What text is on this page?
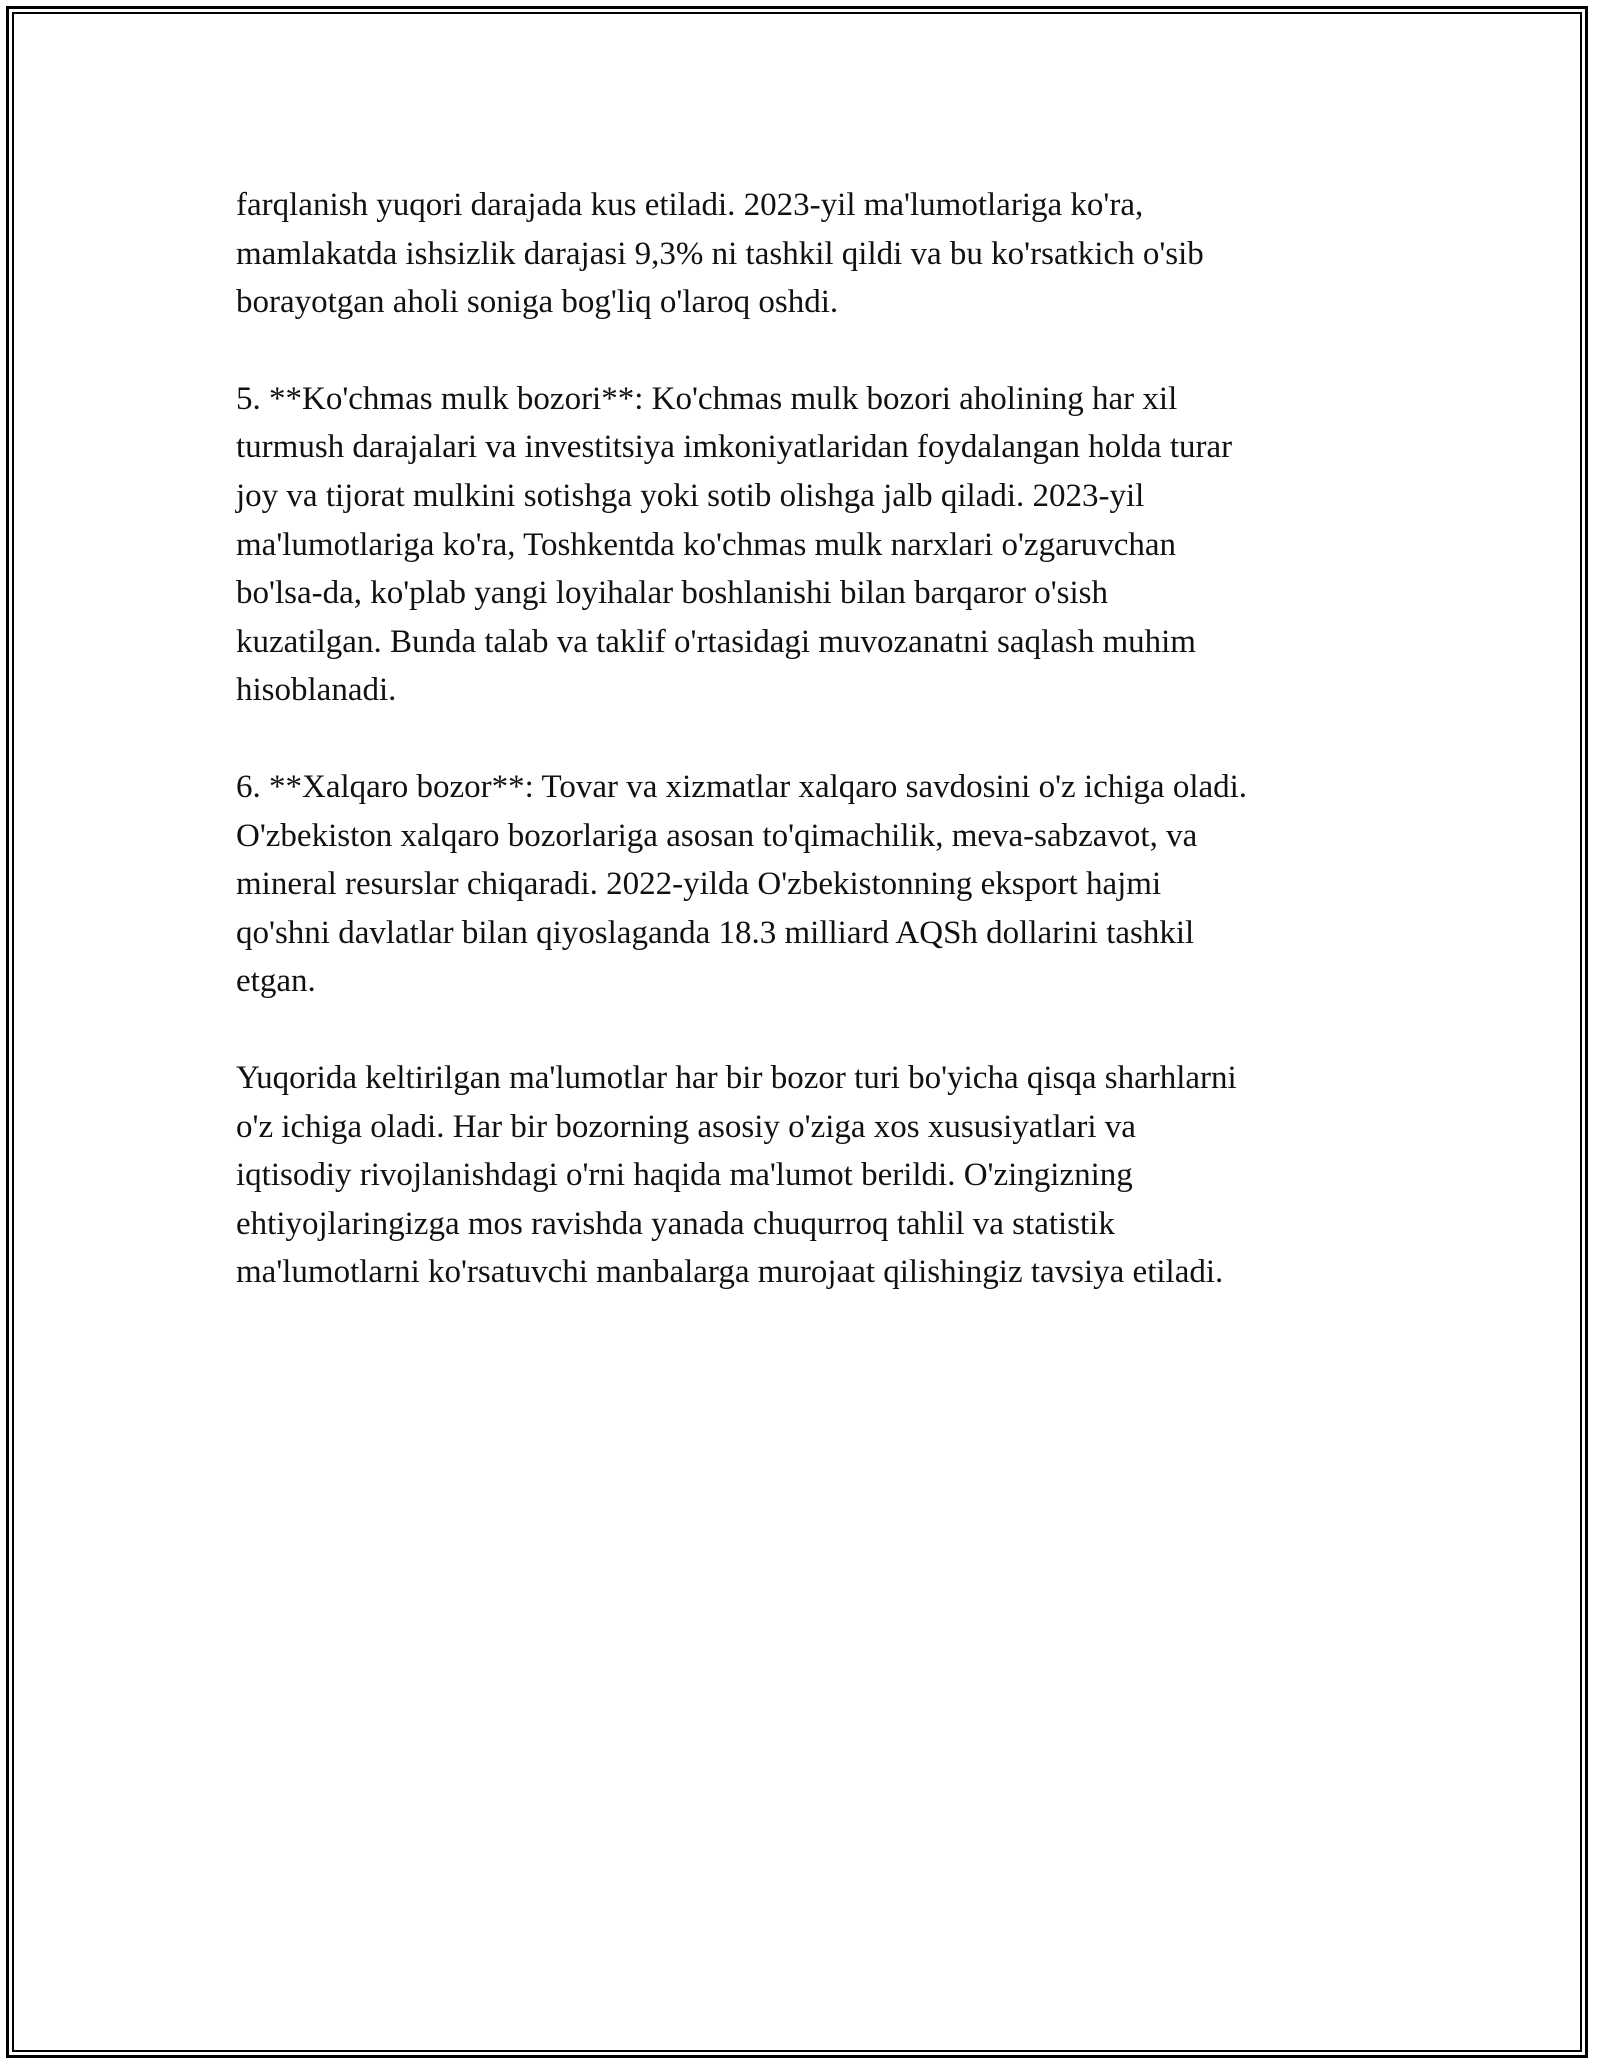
farqlanish yuqori darajada kus etiladi. 2023-yil ma'lumotlariga ko'ra,
mamlakatda ishsizlik darajasi 9,3% ni tashkil qildi va bu ko'rsatkich o'sib
borayotgan aholi soniga bog'liq o'laroq oshdi.

5. **Ko'chmas mulk bozori**: Ko'chmas mulk bozori aholining har xil
turmush darajalari va investitsiya imkoniyatlaridan foydalangan holda turar
joy va tijorat mulkini sotishga yoki sotib olishga jalb qiladi. 2023-yil
ma'lumotlariga ko'ra, Toshkentda ko'chmas mulk narxlari o'zgaruvchan
bo'lsa-da, ko'plab yangi loyihalar boshlanishi bilan barqaror o'sish
kuzatilgan. Bunda talab va taklif o'rtasidagi muvozanatni saqlash muhim
hisoblanadi.

6. **Xalqaro bozor**: Tovar va xizmatlar xalqaro savdosini o'z ichiga oladi.
O'zbekiston xalqaro bozorlariga asosan to'qimachilik, meva-sabzavot, va
mineral resurslar chiqaradi. 2022-yilda O'zbekistonning eksport hajmi
qo'shni davlatlar bilan qiyoslaganda 18.3 milliard AQSh dollarini tashkil
etgan.

Yuqorida keltirilgan ma'lumotlar har bir bozor turi bo'yicha qisqa sharhlarni
o'z ichiga oladi. Har bir bozorning asosiy o'ziga xos xususiyatlari va
iqtisodiy rivojlanishdagi o'rni haqida ma'lumot berildi. O'zingizning
ehtiyojlaringizga mos ravishda yanada chuqurroq tahlil va statistik
ma'lumotlarni ko'rsatuvchi manbalarga murojaat qilishingiz tavsiya etiladi.
